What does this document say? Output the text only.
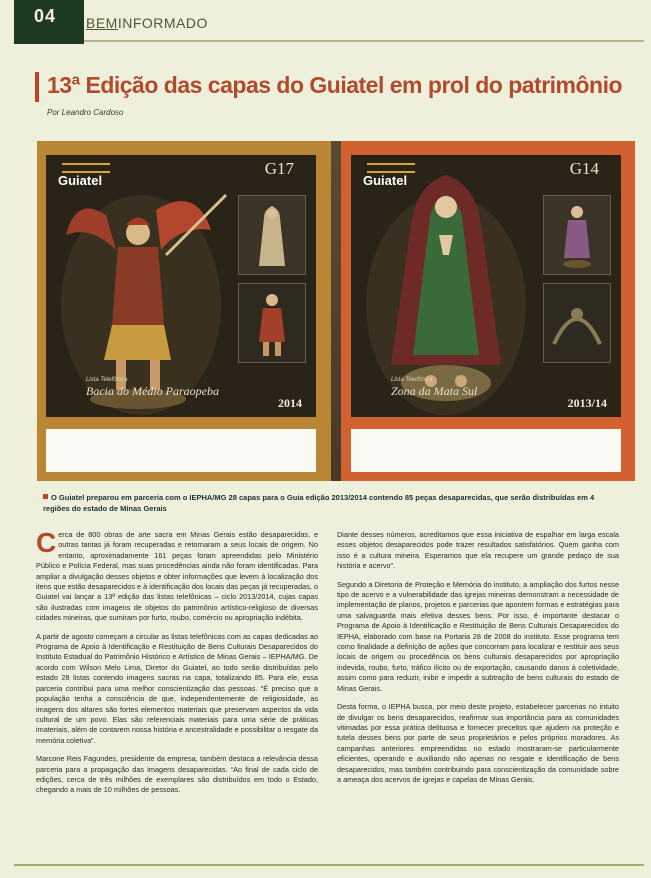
04 BEMINFORMADO
13ª Edição das capas do Guiatel em prol do patrimônio
Por Leandro Cardoso
Guiatel
G17
Lista Telefônica
Bacia do Médio Paraopeba
2014
Guiatel
G14
Lista Telefônica
Zona da Mata Sul
2013/14
O Guiatel preparou em parceria com o IEPHA/MG 28 capas para o Guia edição 2013/2014 contendo 85 peças desaparecidas, que serão distribuídas em 4 regiões do estado de Minas Gerais

Cerca de 800 obras de arte sacra em Minas Gerais estão desaparecidas, e outras tantas já foram recuperadas e retornaram a seus locais de origem. No entanto, aproximadamente 161 peças foram apreendidas pelo Ministério Público e Polícia Federal, mas suas procedências ainda não foram identificadas. Para ampliar a divulgação desses objetos e obter informações que levem à localização dos itens que estão desaparecidos e à identificação dos locais das peças já recuperadas, o Guiatel vai lançar a 13ª edição das listas telefônicas – ciclo 2013/2014, cujas capas são ilustradas com imagens de objetos do patrimônio artístico-religioso de diversas cidades mineiras, que sumiram por furto, roubo, comércio ou apropriação indébita.

A partir de agosto começam a circular as listas telefônicas com as capas dedicadas ao Programa de Apoio à Identificação e Restituição de Bens Culturais Desaparecidos do Instituto Estadual do Patrimônio Histórico e Artístico de Minas Gerais – IEPHA/MG. De acordo com Wilson Melo Lima, Diretor do Guiatel, ao todo serão distribuídas pelo estado 28 listas contendo imagens sacras na capa, totalizando 85. Para ele, essa parceria contribui para uma melhor conscientização das pessoas. “É preciso que a população tenha a consciência de que, independentemente de religiosidade, as imagens dos altares são fortes elementos materiais que preservam aspectos da vida cultural de um povo. Elas são referenciais materiais para uma série de práticas imateriais, além de contarem nossa história e ancestralidade e possibilitar o resgate da memória coletiva”.

Marcone Reis Fagundes, presidente da empresa, também destaca a relevância dessa parceria para a propagação das imagens desaparecidas. “Ao final de cada ciclo de edições, cerca de três milhões de exemplares são distribuídos em todo o Estado, chegando a mais de 10 milhões de pessoas.

Diante desses números, acreditamos que essa iniciativa de espalhar em larga escala esses objetos desaparecidos pode trazer resultados satisfatórios. Quem ganha com isso é a cultura mineira. Esperamos que ela recupere um grande pedaço de sua história e acervo”.

Segundo a Diretoria de Proteção e Memória do instituto, a ampliação dos furtos nesse tipo de acervo e a vulnerabilidade das igrejas mineiras demonstram a necessidade de implementação de planos, projetos e parcerias que apontem formas e estratégias para uma salvaguarda mais efetiva desses bens. Por isso, é importante destacar o Programa de Apoio à Identificação e Restituição de Bens Culturais Desaparecidos do IEPHA, elaborado com base na Portaria 28 de 2008 do instituto. Esse programa tem como finalidade a definição de ações que concorram para localizar e restituir aos seus locais de origem ou procedência os bens culturais desaparecidos por apropriação indevida, roubo, furto, tráfico ilícito ou de exportação, causando danos à coletividade, assim como para reduzir, inibir e impedir a subtração de bens culturais do estado de Minas Gerais.

Desta forma, o IEPHA busca, por meio deste projeto, estabelecer parcerias no intuito de divulgar os bens desaparecidos, reafirmar sua importância para as comunidades vitimadas por essa prática delituosa e fornecer preceitos que ajudem na proteção e tutela desses bens por parte de seus proprietários e pelos próprios moradores. As campanhas anteriores empreendidas no estado mostraram-se particularmente eficientes, operando e auxiliando não apenas no resgate e identificação de bens desaparecidos, mas também contribuindo para conscientização da comunidade sobre a ameaça dos acervos de igrejas e capelas de Minas Gerais.
